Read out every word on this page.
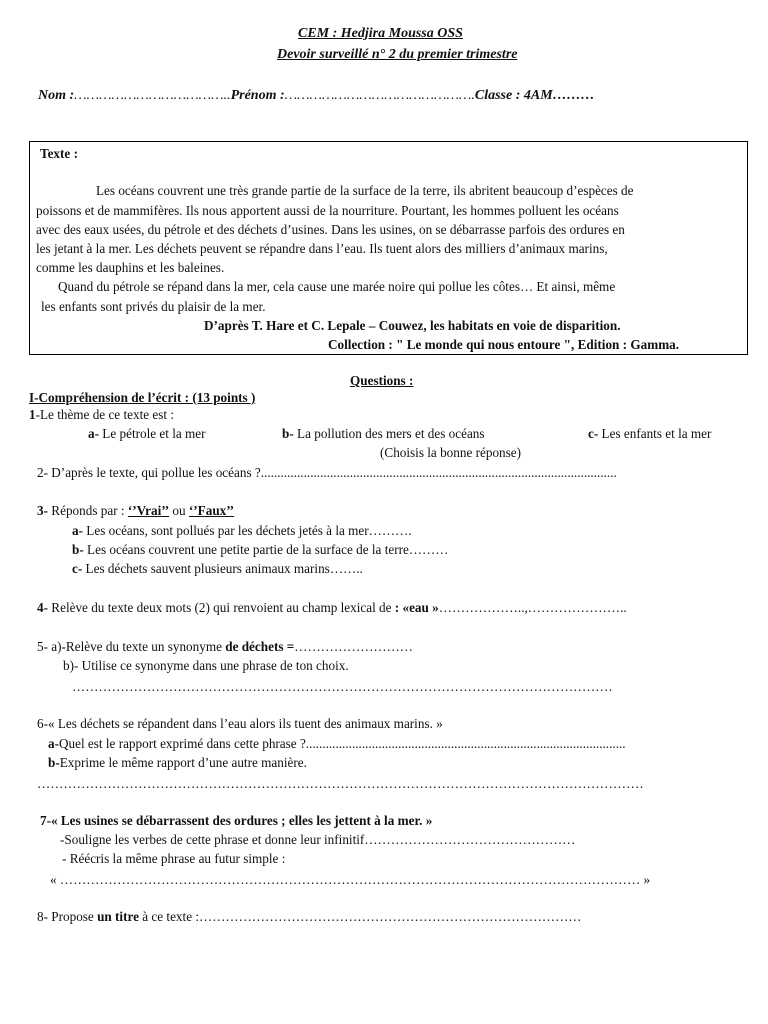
CEM : Hedjira Moussa OSS
Devoir surveillé n° 2 du premier trimestre
Nom :………………………………..Prénom :……………………………………….Classe : 4AM………
Texte :
Les océans couvrent une très grande partie de la surface de la terre, ils abritent beaucoup d’espèces de
poissons et de mammifères. Ils nous apportent aussi de la nourriture. Pourtant, les hommes polluent les océans
avec des eaux usées, du pétrole et des déchets d’usines. Dans les usines, on se débarrasse parfois des ordures en
les jetant à la mer. Les déchets peuvent se répandre dans l’eau. Ils tuent alors des milliers d’animaux marins,
comme les dauphins et les baleines.
Quand du pétrole se répand dans la mer, cela cause une marée noire qui pollue les côtes… Et ainsi, même
les enfants sont privés du plaisir de la mer.
D’après T. Hare et C. Lepale – Couwez, les habitats en voie de disparition.
Collection : " Le monde qui nous entoure ", Edition : Gamma.
Questions :
I-Compréhension de l’écrit : (13 points )
1-Le thème de ce texte est :
a- Le pétrole et la mer	b- La pollution des mers et des océans	c- Les enfants et la mer
(Choisis la bonne réponse)
2- D’après le texte, qui pollue les océans ?............................................................................................................
3- Réponds par : ‘’Vrai’’ ou ‘’Faux’’
a- Les océans, sont pollués par les déchets jetés à la mer……….
b- Les océans couvrent une petite partie de la surface de la terre………
c- Les déchets sauvent plusieurs animaux marins……..
4- Relève du texte deux mots (2) qui renvoient au champ lexical de : «eau »………………..,…………………..
5- a)-Relève du texte un synonyme de déchets =………………………
b)- Utilise ce synonyme dans une phrase de ton choix.
……………………………………………………………………………………………………………
6-« Les déchets se répandent dans l’eau alors ils tuent des animaux marins. »
a-Quel est le rapport exprimé dans cette phrase ?.................................................................................................
b-Exprime le même rapport d’une autre manière.
…………………………………………………………………………………………………………………………
7-« Les usines se débarrassent des ordures ; elles les jettent à la mer. »
-Souligne les verbes de cette phrase et donne leur infinitif…………………………………………
- Réécris la même phrase au futur simple :
« …………………………………………………………………………………………………………………… »
8- Propose un titre à ce texte :……………………………………………………………………………
